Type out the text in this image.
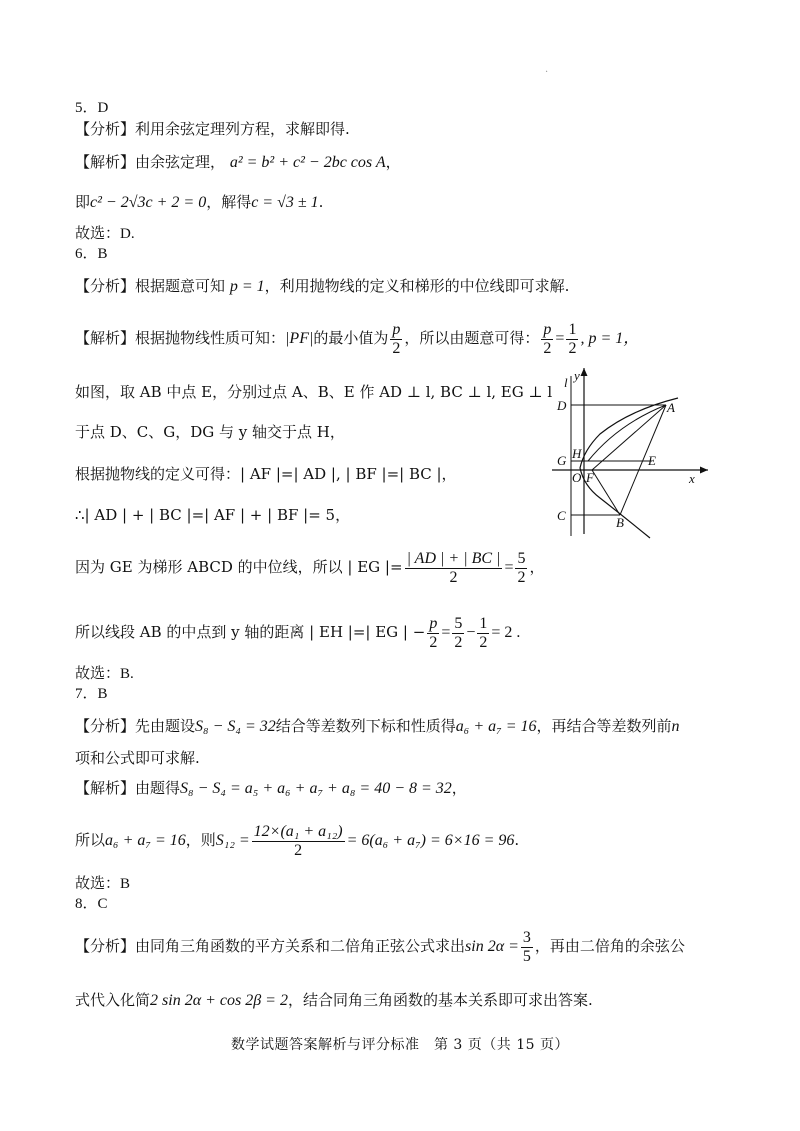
.
5．D
【分析】利用余弦定理列方程，求解即得.
【解析】由余弦定理， a² = b² + c² − 2bc cos A，
即c² − 2√3c + 2 = 0，解得c = √3 ± 1.
故选：D.
6．B
【分析】根据题意可知 p = 1，利用抛物线的定义和梯形的中位线即可求解.
【解析】根据抛物线性质可知：|PF|的最小值为 $\frac{p}{2}$ ，所以由题意可得： $\frac{p}{2} = \frac{1}{2}$ , p = 1，
如图，取 AB 中点 E，分别过点 A、B、E 作 AD ⊥ l, BC ⊥ l, EG ⊥ l
于点 D、C、G，DG 与 y 轴交于点 H，
根据抛物线的定义可得：| AF |=| AD |, | BF |=| BC |，
∴| AD | + | BC |=| AF | + | BF |= 5，
因为 GE 为梯形 ABCD 的中位线，所以 | EG |= $\frac{| AD | + | BC |}{2} = \frac{5}{2}$ ，
所以线段 AB 的中点到 y 轴的距离 | EH |=| EG | − $\frac{p}{2} = \frac{5}{2} - \frac{1}{2} = 2$ .
故选：B.
l y
x
D	A
H
G	E
O F
C	B
7．B
【分析】先由题设S₈ − S₄ = 32结合等差数列下标和性质得a₆ + a₇ = 16，再结合等差数列前n
项和公式即可求解.
【解析】由题得S₈ − S₄ = a₅ + a₆ + a₇ + a₈ = 40 − 8 = 32，
所以a₆ + a₇ = 16，则$S_{12} = \frac{\text{12×(a₁ + a₁₂)}}{2} = 6(a_6 + a_7) = 6\times 16 = 96$.
故选：B
8．C
【分析】由同角三角函数的平方关系和二倍角正弦公式求出$\sin 2\alpha = \frac{3}{5}$ ，再由二倍角的余弦公
式代入化简2 sin 2α + cos 2β = 2，结合同角三角函数的基本关系即可求出答案.
数学试题答案解析与评分标准　第 3 页（共 15 页）
